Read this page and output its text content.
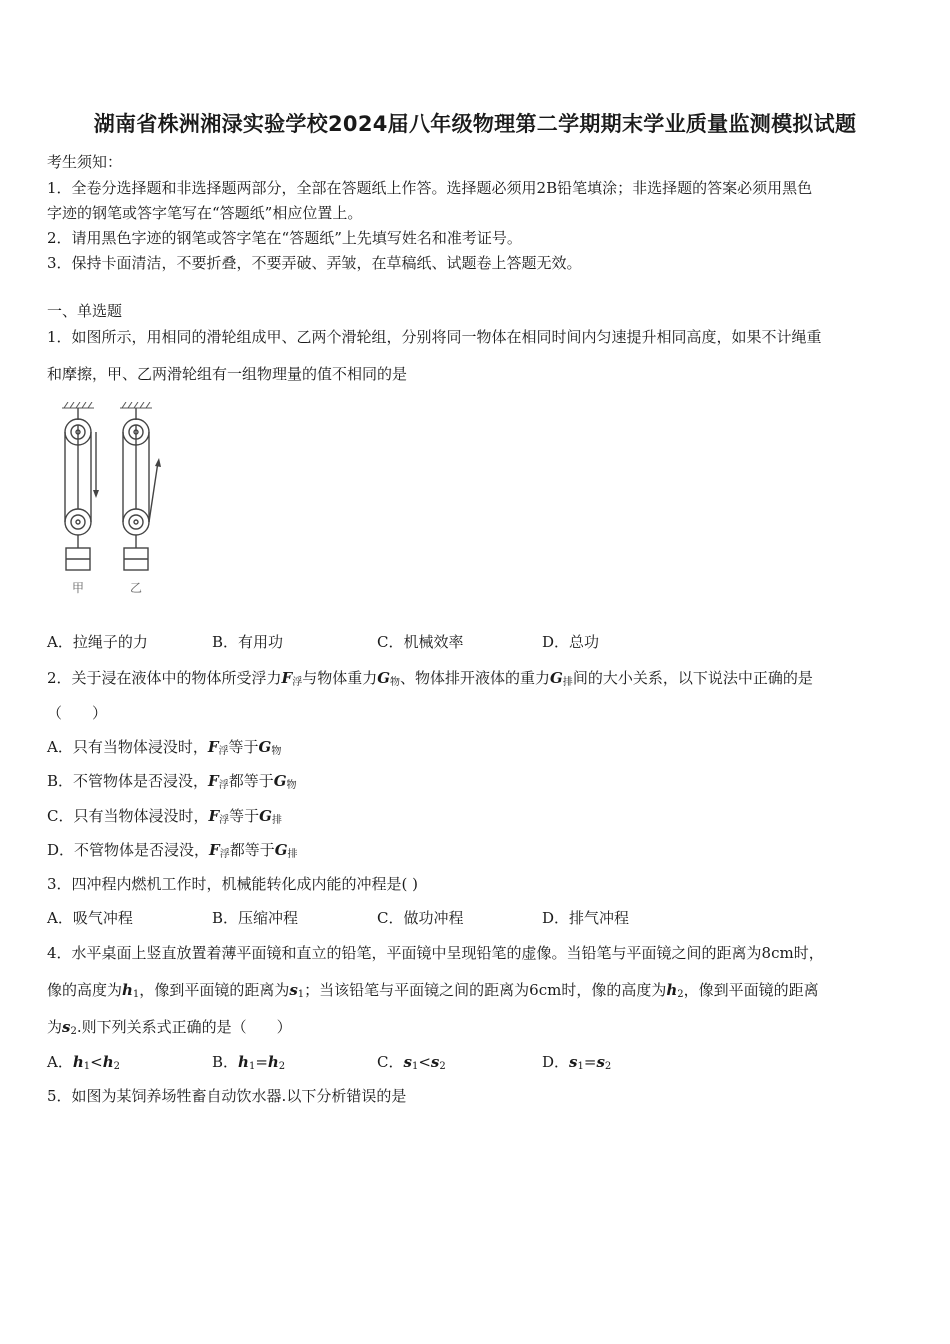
湖南省株洲湘渌实验学校2024届八年级物理第二学期期末学业质量监测模拟试题
考生须知：
1．全卷分选择题和非选择题两部分，全部在答题纸上作答。选择题必须用2B铅笔填涂；非选择题的答案必须用黑色
字迹的钢笔或答字笔写在“答题纸”相应位置上。
2．请用黑色字迹的钢笔或答字笔在“答题纸”上先填写姓名和准考证号。
3．保持卡面清洁，不要折叠，不要弄破、弄皱，在草稿纸、试题卷上答题无效。
一、单选题
1．如图所示，用相同的滑轮组成甲、乙两个滑轮组，分别将同一物体在相同时间内匀速提升相同高度，如果不计绳重
和摩擦，甲、乙两滑轮组有一组物理量的值不相同的是
甲	乙
A．拉绳子的力	B．有用功	C．机械效率	D．总功
2．关于浸在液体中的物体所受浮力$F_浮$与物体重力$G_物$、物体排开液体的重力$G_排$间的大小关系，以下说法中正确的是
（　　）
A．只有当物体浸没时，$F_浮$等于$G_物$
B．不管物体是否浸没，$F_浮$都等于$G_物$
C．只有当物体浸没时，$F_浮$等于$G_排$
D．不管物体是否浸没，$F_浮$都等于$G_排$
3．四冲程内燃机工作时，机械能转化成内能的冲程是( )
A．吸气冲程	B．压缩冲程	C．做功冲程	D．排气冲程
4．水平桌面上竖直放置着薄平面镜和直立的铅笔，平面镜中呈现铅笔的虚像。当铅笔与平面镜之间的距离为8cm时，
像的高度为$h_1$，像到平面镜的距离为$s_1$；当该铅笔与平面镜之间的距离为6cm时，像的高度为$h_2$，像到平面镜的距离
为$s_2$.则下列关系式正确的是（　　）
A．$h_1<h_2$	B．$h_1=h_2$	C．$s_1<s_2$	D．$s_1=s_2$
5．如图为某饲养场牲畜自动饮水器.以下分析错误的是
